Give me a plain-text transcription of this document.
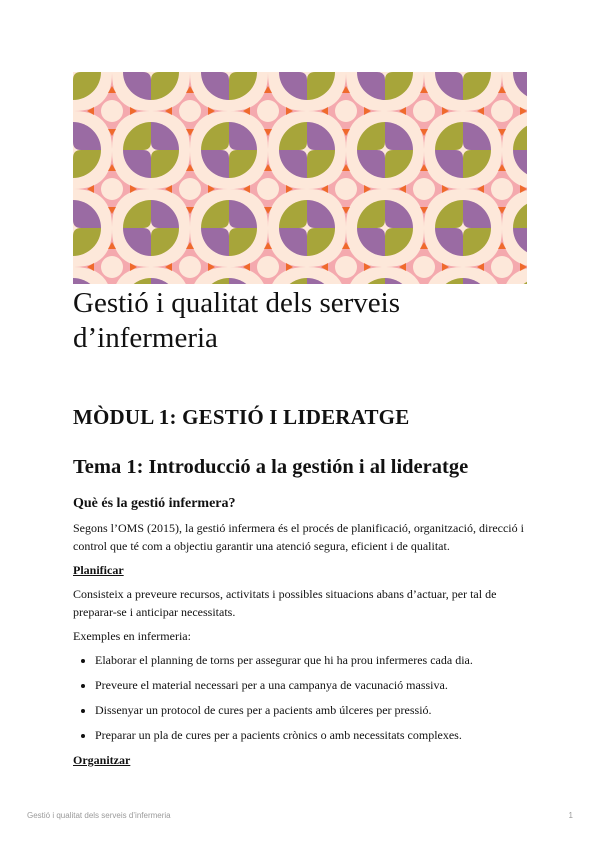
Gestió i qualitat dels serveis d’infermeria
MÒDUL 1: GESTIÓ I LIDERATGE
Tema 1: Introducció a la gestión i al lideratge
Què és la gestió infermera?

Segons l’OMS (2015), la gestió infermera és el procés de planificació, organització, direcció i control que té com a objectiu garantir una atenció segura, eficient i de qualitat.

Planificar

Consisteix a preveure recursos, activitats i possibles situacions abans d’actuar, per tal de preparar-se i anticipar necessitats.

Exemples en infermeria:

• Elaborar el planning de torns per assegurar que hi ha prou infermeres cada dia.
• Preveure el material necessari per a una campanya de vacunació massiva.
• Dissenyar un protocol de cures per a pacients amb úlceres per pressió.
• Preparar un pla de cures per a pacients crònics o amb necessitats complexes.

Organitzar

Gestió i qualitat dels serveis d’infermeria	1
